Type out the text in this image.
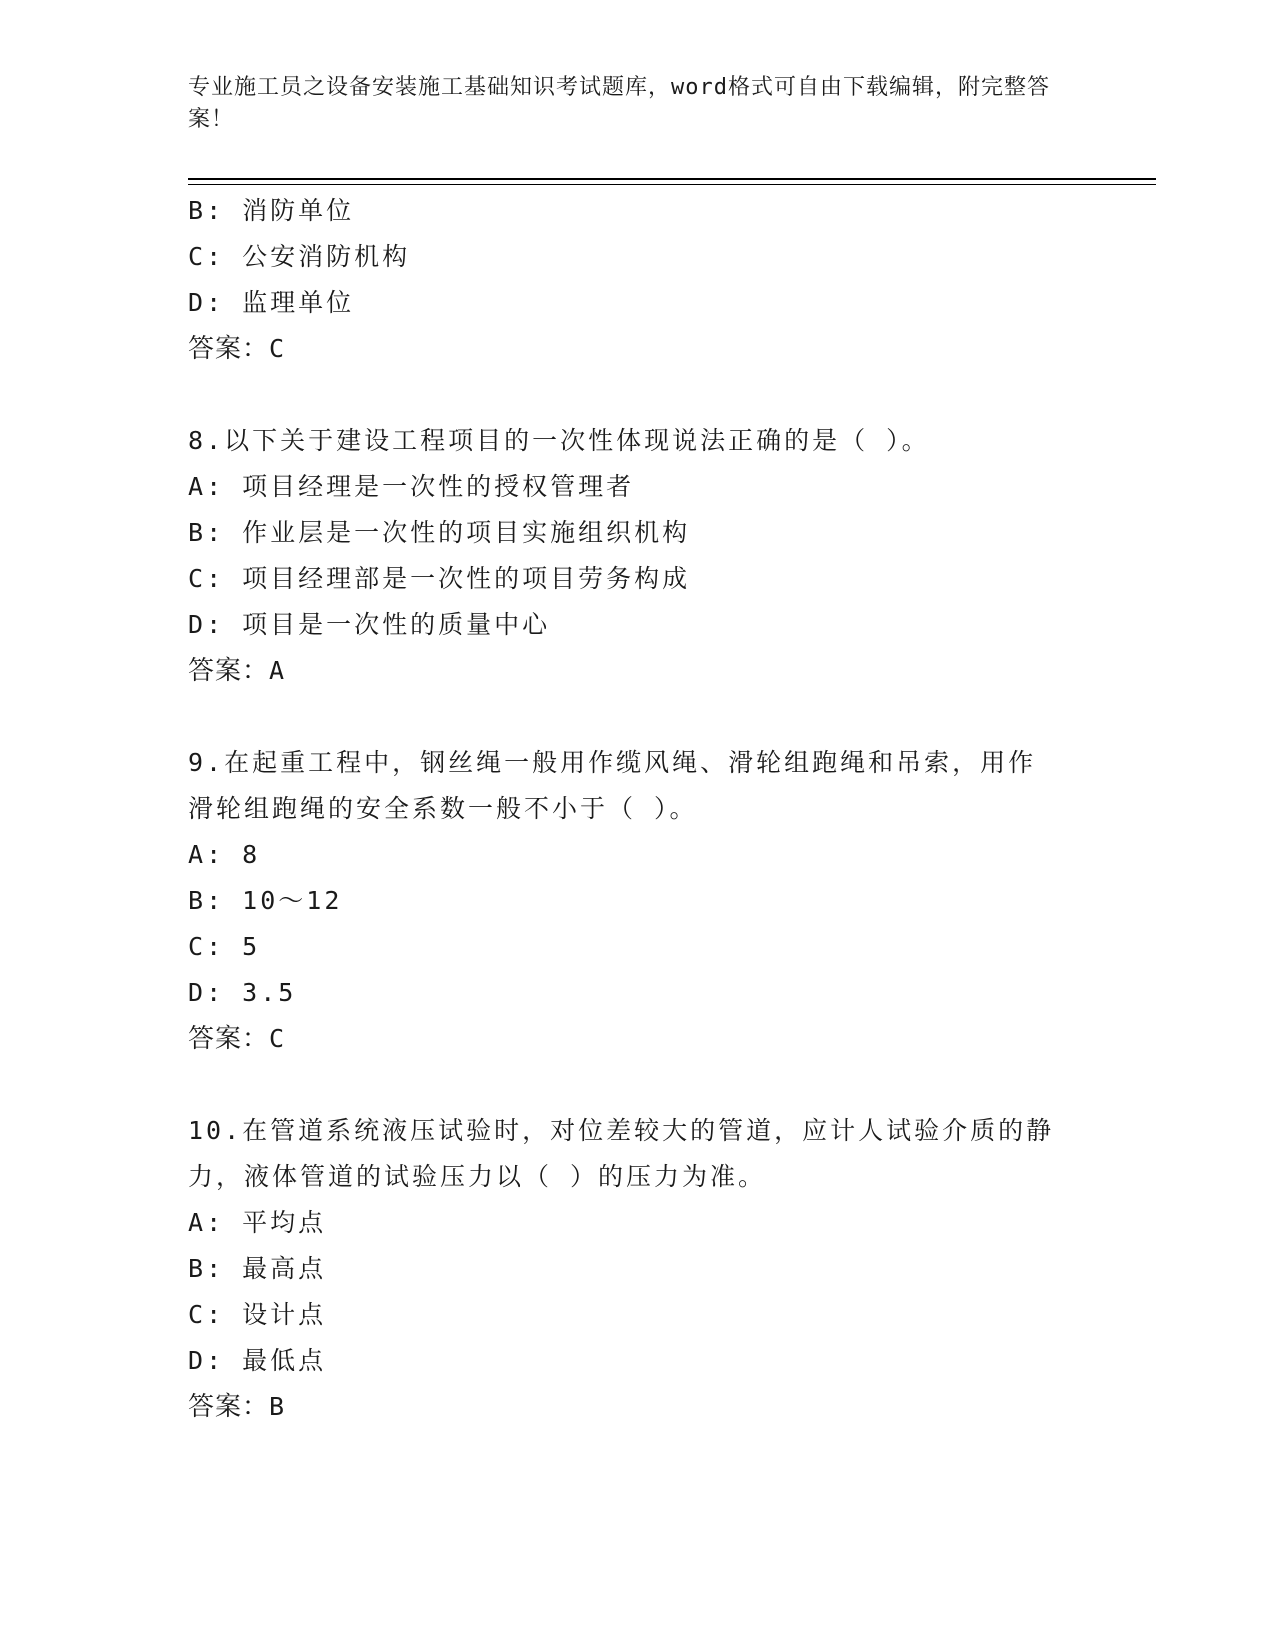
专业施工员之设备安装施工基础知识考试题库，word格式可自由下载编辑，附完整答案！
B: 消防单位
C: 公安消防机构
D: 监理单位
答案：C
8.以下关于建设工程项目的一次性体现说法正确的是（ ）。
A: 项目经理是一次性的授权管理者
B: 作业层是一次性的项目实施组织机构
C: 项目经理部是一次性的项目劳务构成
D: 项目是一次性的质量中心
答案：A
9.在起重工程中，钢丝绳一般用作缆风绳、滑轮组跑绳和吊索，用作
滑轮组跑绳的安全系数一般不小于（ ）。
A: 8
B: 10～12
C: 5
D: 3.5
答案：C
10.在管道系统液压试验时，对位差较大的管道，应计人试验介质的静
力，液体管道的试验压力以（ ）的压力为准。
A: 平均点
B: 最高点
C: 设计点
D: 最低点
答案：B
